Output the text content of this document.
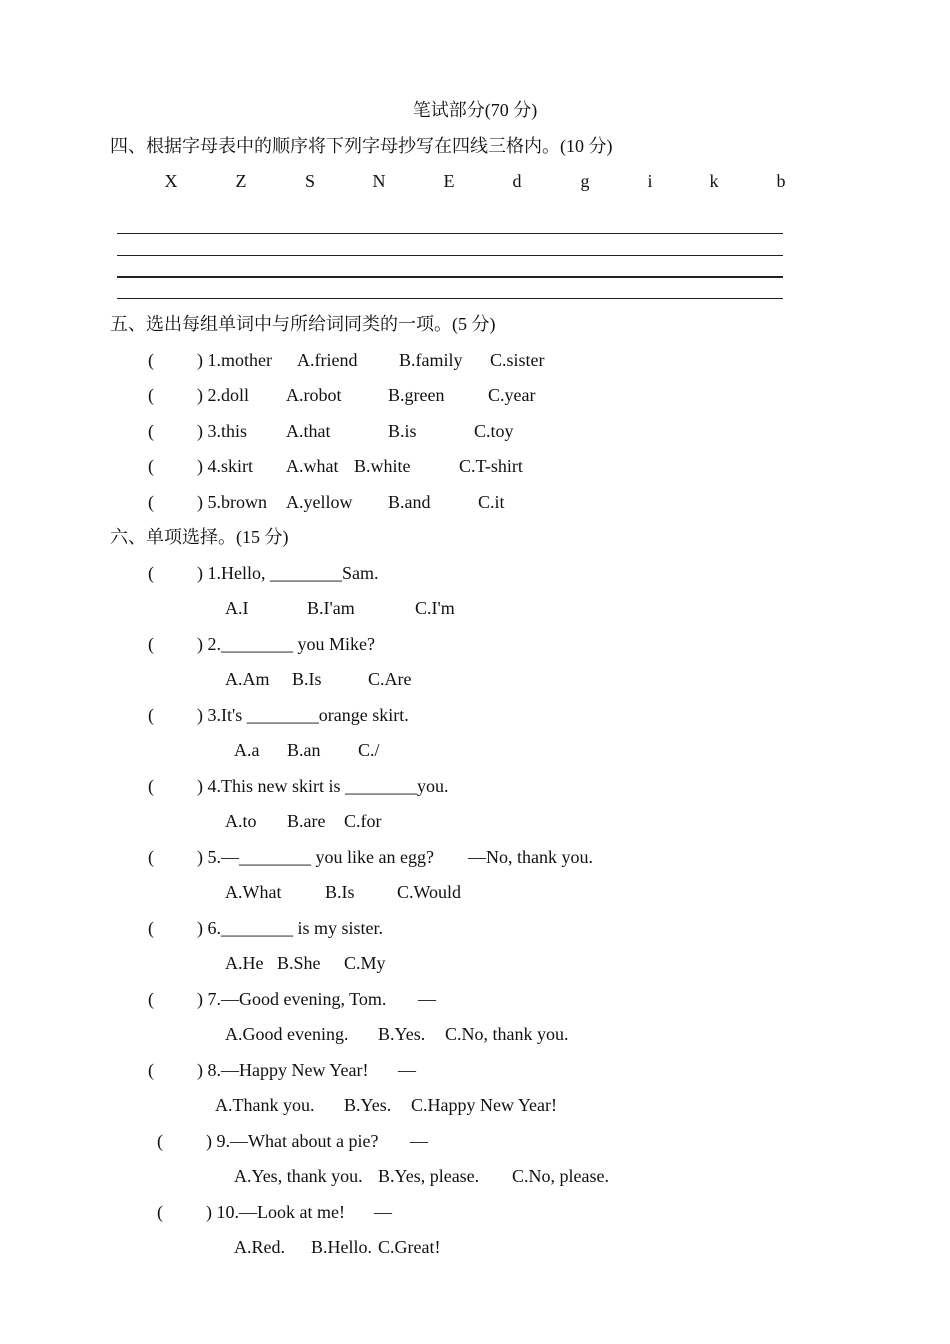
笔试部分(70 分)
四、根据字母表中的顺序将下列字母抄写在四线三格内。(10 分)
X	Z	S	N	E	d	g	i	k	b
五、选出每组单词中与所给词同类的一项。(5 分)
( ) 1.mother A.friend B.family C.sister
( ) 2.doll A.robot	B.green C.year
( ) 3.this A.that	B.is	C.toy
( ) 4.skirt A.what B.white	C.T-shirt
( ) 5.brown A.yellow B.and	C.it
六、单项选择。(15 分)
( ) 1.Hello, ________Sam.
A.I	B.I'am	C.I'm
( ) 2.________ you Mike?
A.Am B.Is	C.Are
( ) 3.It's ________orange skirt.
A.a B.an C./
( ) 4.This new skirt is ________you.
A.to B.are C.for
( ) 5.—________ you like an egg? —No, thank you.
A.What B.Is C.Would
( ) 6.________ is my sister.
A.He B.She C.My
( ) 7.—Good evening, Tom. —
A.Good evening. B.Yes. C.No, thank you.
( ) 8.—Happy New Year! —
A.Thank you. B.Yes. C.Happy New Year!
( ) 9.—What about a pie? —
A.Yes, thank you. B.Yes, please. C.No, please.
( ) 10.—Look at me! —
A.Red. B.Hello. C.Great!
